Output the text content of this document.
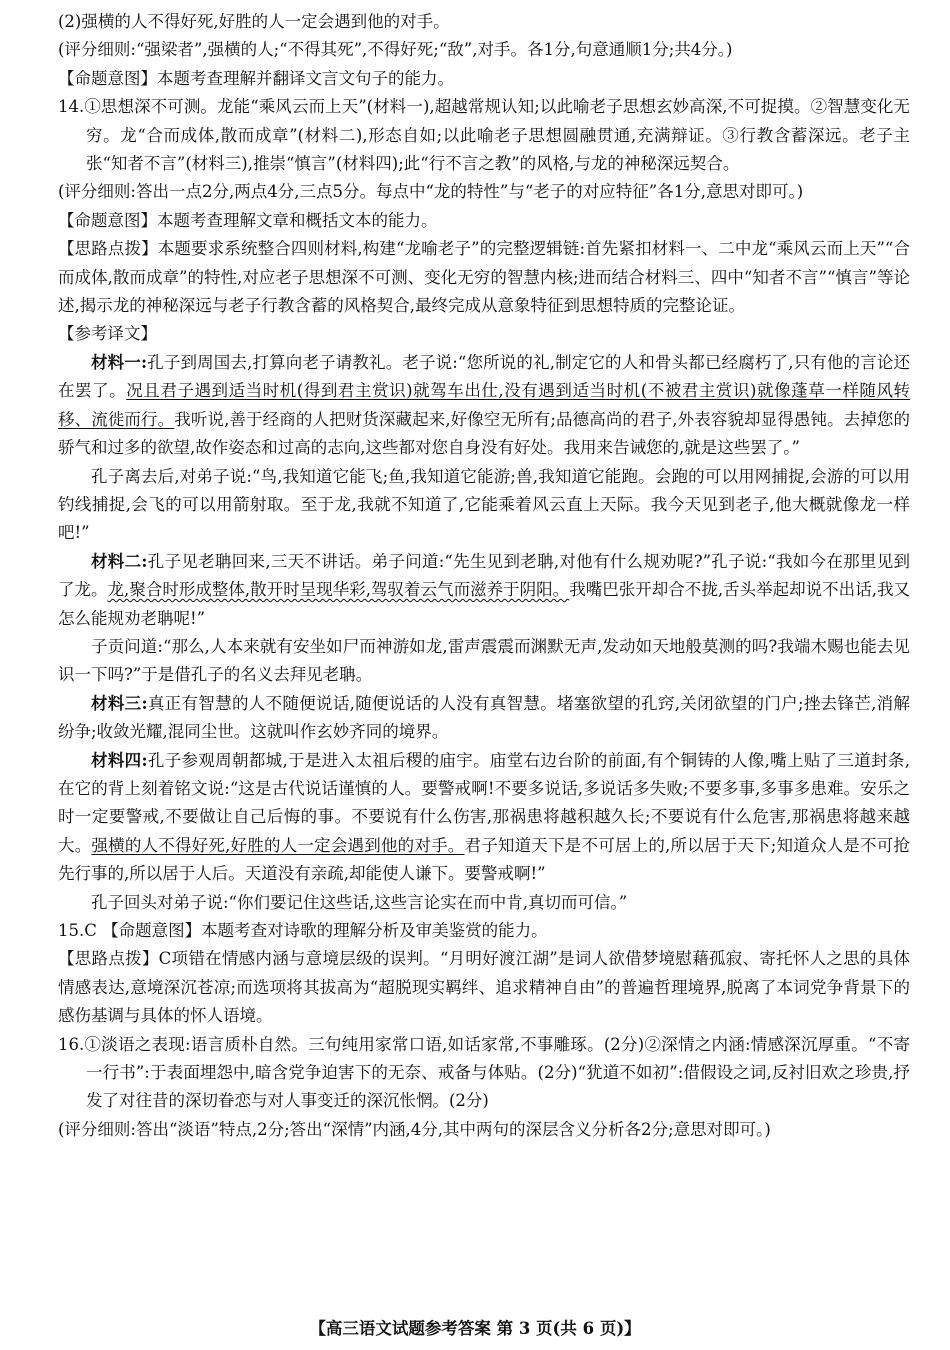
(2)强横的人不得好死,好胜的人一定会遇到他的对手。

(评分细则:“强梁者”,强横的人;“不得其死”,不得好死;“敌”,对手。各1分,句意通顺1分;共4分。)

【命题意图】本题考查理解并翻译文言文句子的能力。

14.①思想深不可测。龙能“乘风云而上天”(材料一),超越常规认知;以此喻老子思想玄妙高深,不可捉摸。②智慧变化无穷。龙“合而成体,散而成章”(材料二),形态自如;以此喻老子思想圆融贯通,充满辩证。③行教含蓄深远。老子主张“知者不言”(材料三),推崇“慎言”(材料四);此“行不言之教”的风格,与龙的神秘深远契合。

(评分细则:答出一点2分,两点4分,三点5分。每点中“龙的特性”与“老子的对应特征”各1分,意思对即可。)

【命题意图】本题考查理解文章和概括文本的能力。

【思路点拨】本题要求系统整合四则材料,构建“龙喻老子”的完整逻辑链:首先紧扣材料一、二中龙“乘风云而上天”“合而成体,散而成章”的特性,对应老子思想深不可测、变化无穷的智慧内核;进而结合材料三、四中“知者不言”“慎言”等论述,揭示龙的神秘深远与老子行教含蓄的风格契合,最终完成从意象特征到思想特质的完整论证。

【参考译文】

材料一:孔子到周国去,打算向老子请教礼。老子说:“您所说的礼,制定它的人和骨头都已经腐朽了,只有他的言论还在罢了。况且君子遇到适当时机(得到君主赏识)就驾车出仕,没有遇到适当时机(不被君主赏识)就像蓬草一样随风转移、流徙而行。我听说,善于经商的人把财货深藏起来,好像空无所有;品德高尚的君子,外表容貌却显得愚钝。去掉您的骄气和过多的欲望,故作姿态和过高的志向,这些都对您自身没有好处。我用来告诫您的,就是这些罢了。”

孔子离去后,对弟子说:“鸟,我知道它能飞;鱼,我知道它能游;兽,我知道它能跑。会跑的可以用网捕捉,会游的可以用钓线捕捉,会飞的可以用箭射取。至于龙,我就不知道了,它能乘着风云直上天际。我今天见到老子,他大概就像龙一样吧!”

材料二:孔子见老聃回来,三天不讲话。弟子问道:“先生见到老聃,对他有什么规劝呢?”孔子说:“我如今在那里见到了龙。龙,聚合时形成整体,散开时呈现华彩,驾驭着云气而滋养于阴阳。我嘴巴张开却合不拢,舌头举起却说不出话,我又怎么能规劝老聃呢!”

子贡问道:“那么,人本来就有安坐如尸而神游如龙,雷声震震而渊默无声,发动如天地般莫测的吗?我端木赐也能去见识一下吗?”于是借孔子的名义去拜见老聃。

材料三:真正有智慧的人不随便说话,随便说话的人没有真智慧。堵塞欲望的孔窍,关闭欲望的门户;挫去锋芒,消解纷争;收敛光耀,混同尘世。这就叫作玄妙齐同的境界。

材料四:孔子参观周朝都城,于是进入太祖后稷的庙宇。庙堂右边台阶的前面,有个铜铸的人像,嘴上贴了三道封条,在它的背上刻着铭文说:“这是古代说话谨慎的人。要警戒啊!不要多说话,多说话多失败;不要多事,多事多患难。安乐之时一定要警戒,不要做让自己后悔的事。不要说有什么伤害,那祸患将越积越久长;不要说有什么危害,那祸患将越来越大。强横的人不得好死,好胜的人一定会遇到他的对手。君子知道天下是不可居上的,所以居于天下;知道众人是不可抢先行事的,所以居于人后。天道没有亲疏,却能使人谦下。要警戒啊!”

孔子回头对弟子说:“你们要记住这些话,这些言论实在而中肯,真切而可信。”

15.C 【命题意图】本题考查对诗歌的理解分析及审美鉴赏的能力。

【思路点拨】C项错在情感内涵与意境层级的误判。“月明好渡江湖”是词人欲借梦境慰藉孤寂、寄托怀人之思的具体情感表达,意境深沉苍凉;而选项将其拔高为“超脱现实羁绊、追求精神自由”的普遍哲理境界,脱离了本词党争背景下的感伤基调与具体的怀人语境。

16.①淡语之表现:语言质朴自然。三句纯用家常口语,如话家常,不事雕琢。(2分)②深情之内涵:情感深沉厚重。“不寄一行书”:于表面埋怨中,暗含党争迫害下的无奈、戒备与体贴。(2分)“犹道不如初”:借假设之词,反衬旧欢之珍贵,抒发了对往昔的深切眷恋与对人事变迁的深沉怅惘。(2分)

(评分细则:答出“淡语”特点,2分;答出“深情”内涵,4分,其中两句的深层含义分析各2分;意思对即可。)

【高三语文试题参考答案 第 3 页(共 6 页)】
